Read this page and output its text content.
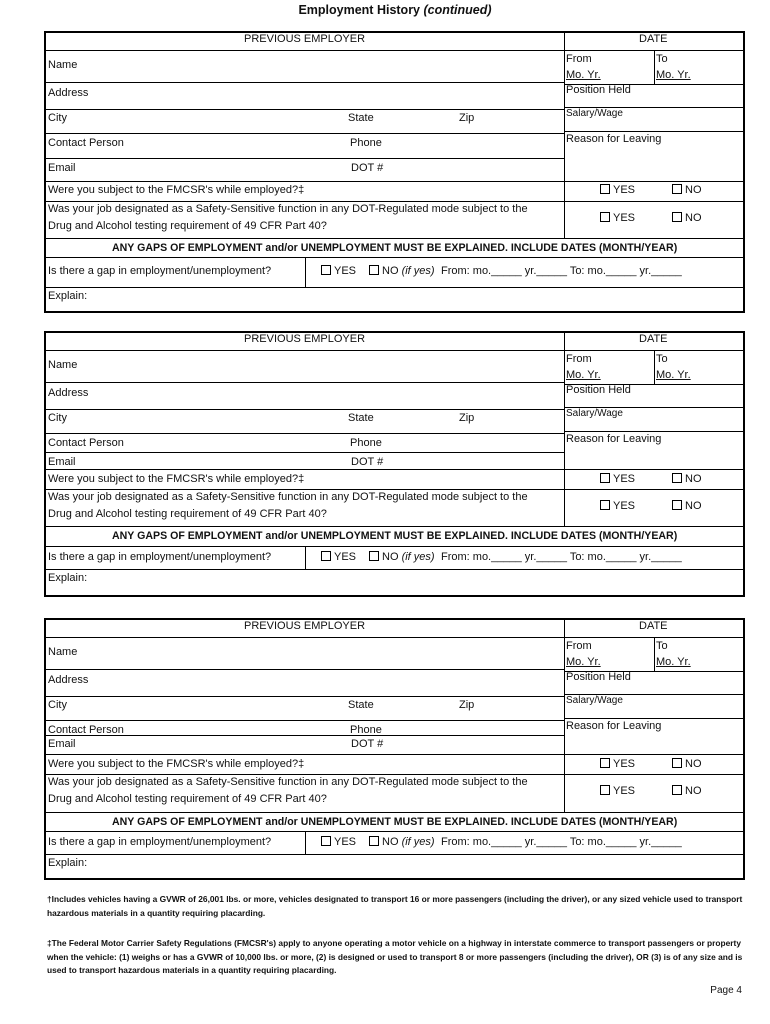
Employment History (continued)
PREVIOUS EMPLOYER	DATE
Name
Address
City	State	Zip
Contact Person	Phone
Email	DOT #
From	To
Mo. Yr.	Mo. Yr.
Position Held
Salary/Wage
Reason for Leaving
Were you subject to the FMCSR's while employed?‡	YES	NO
Was your job designated as a Safety-Sensitive function in any DOT-Regulated mode subject to the
Drug and Alcohol testing requirement of 49 CFR Part 40?
YES	NO
ANY GAPS OF EMPLOYMENT and/or UNEMPLOYMENT MUST BE EXPLAINED. INCLUDE DATES (MONTH/YEAR)
Is there a gap in employment/unemployment?	YES	NO (if yes) From: mo._____ yr._____ To: mo._____ yr._____
Explain:
PREVIOUS EMPLOYER	DATE
Name
Address
City	State	Zip
Contact Person	Phone
Email	DOT #
From	To
Mo. Yr.	Mo. Yr.
Position Held
Salary/Wage
Reason for Leaving
Were you subject to the FMCSR's while employed?‡	YES	NO
Was your job designated as a Safety-Sensitive function in any DOT-Regulated mode subject to the
Drug and Alcohol testing requirement of 49 CFR Part 40?
YES	NO
ANY GAPS OF EMPLOYMENT and/or UNEMPLOYMENT MUST BE EXPLAINED. INCLUDE DATES (MONTH/YEAR)
Is there a gap in employment/unemployment?	YES	NO (if yes) From: mo._____ yr._____ To: mo._____ yr._____
Explain:
PREVIOUS EMPLOYER	DATE
Name
Address
City	State	Zip
Contact Person	Phone
Email	DOT #
From	To
Mo. Yr.	Mo. Yr.
Position Held
Salary/Wage
Reason for Leaving
Were you subject to the FMCSR's while employed?‡	YES	NO
Was your job designated as a Safety-Sensitive function in any DOT-Regulated mode subject to the
Drug and Alcohol testing requirement of 49 CFR Part 40?
YES	NO
ANY GAPS OF EMPLOYMENT and/or UNEMPLOYMENT MUST BE EXPLAINED. INCLUDE DATES (MONTH/YEAR)
Is there a gap in employment/unemployment?	YES	NO (if yes) From: mo._____ yr._____ To: mo._____ yr._____
Explain:
†Includes vehicles having a GVWR of 26,001 lbs. or more, vehicles designated to transport 16 or more passengers (including the driver), or any sized vehicle used to transport hazardous materials in a quantity requiring placarding.
‡The Federal Motor Carrier Safety Regulations (FMCSR's) apply to anyone operating a motor vehicle on a highway in interstate commerce to transport passengers or property when the vehicle: (1) weighs or has a GVWR of 10,000 lbs. or more, (2) is designed or used to transport 8 or more passengers (including the driver), OR (3) is of any size and is used to transport hazardous materials in a quantity requiring placarding.
Page 4
